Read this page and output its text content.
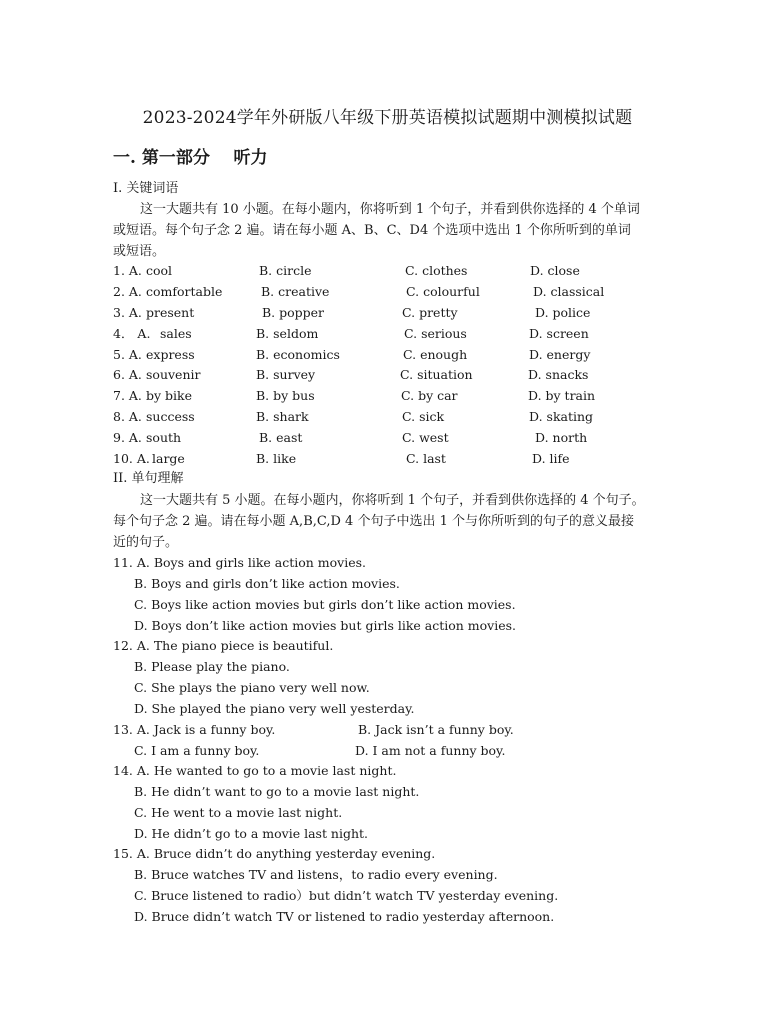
2023-2024学年外研版八年级下册英语模拟试题期中测模拟试题
一. 第一部分    听力
I. 关键词语
这一大题共有 10 小题。在每小题内，你将听到 1 个句子，并看到供你选择的 4 个单词
或短语。每个句子念 2 遍。请在每小题 A、B、C、D4 个选项中选出 1 个你所听到的单词
或短语。
1. A. cool	B. circle	C. clothes	D. close
2. A. comfortable	B. creative	C. colourful	D. classical
3. A. present	B. popper	C. pretty	D. police
4． A. sales	B. seldom	C. serious	D. screen
5. A. express	B. economics	C. enough	D. energy
6. A. souvenir	B. survey	C. situation	D. snacks
7. A. by bike	B. by bus	C. by car	D. by train
8. A. success	B. shark	C. sick	D. skating
9. A. south	B. east	C. west	D. north
10. A. large	B. like	C. last	D. life
II. 单句理解
这一大题共有 5 小题。在每小题内，你将听到 1 个句子，并看到供你选择的 4 个句子。
每个句子念 2 遍。请在每小题 A,B,C,D 4 个句子中选出 1 个与你所听到的句子的意义最接
近的句子。
11. A. Boys and girls like action movies.
B. Boys and girls don’t like action movies.
C. Boys like action movies but girls don’t like action movies.
D. Boys don’t like action movies but girls like action movies.
12. A. The piano piece is beautiful.
B. Please play the piano.
C. She plays the piano very well now.
D. She played the piano very well yesterday.
13. A. Jack is a funny boy.	B. Jack isn’t a funny boy.
C. I am a funny boy.	D. I am not a funny boy.
14. A. He wanted to go to a movie last night.
B. He didn’t want to go to a movie last night.
C. He went to a movie last night.
D. He didn’t go to a movie last night.
15. A. Bruce didn’t do anything yesterday evening.
B. Bruce watches TV and listens，to radio every evening.
C. Bruce listened to radio）but didn’t watch TV yesterday evening.
D. Bruce didn’t watch TV or listened to radio yesterday afternoon.
